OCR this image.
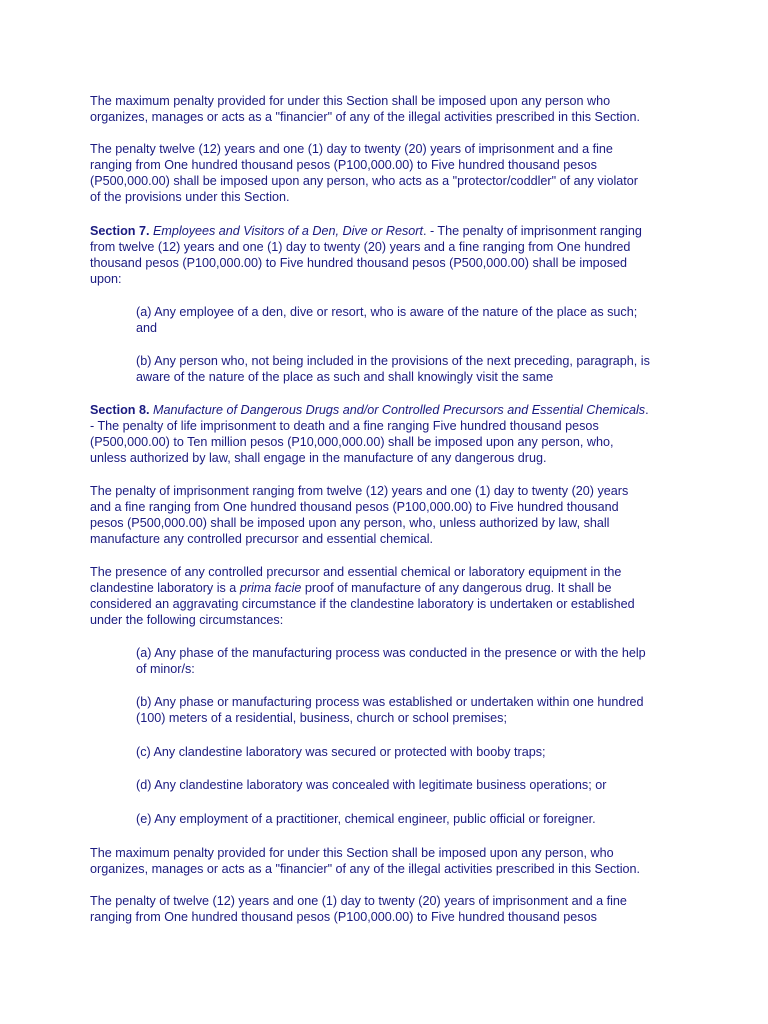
The maximum penalty provided for under this Section shall be imposed upon any person who
organizes, manages or acts as a "financier" of any of the illegal activities prescribed in this Section.

The penalty twelve (12) years and one (1) day to twenty (20) years of imprisonment and a fine
ranging from One hundred thousand pesos (P100,000.00) to Five hundred thousand pesos
(P500,000.00) shall be imposed upon any person, who acts as a "protector/coddler" of any violator
of the provisions under this Section.

Section 7. Employees and Visitors of a Den, Dive or Resort. - The penalty of imprisonment ranging
from twelve (12) years and one (1) day to twenty (20) years and a fine ranging from One hundred
thousand pesos (P100,000.00) to Five hundred thousand pesos (P500,000.00) shall be imposed
upon:

(a) Any employee of a den, dive or resort, who is aware of the nature of the place as such;
and

(b) Any person who, not being included in the provisions of the next preceding, paragraph, is
aware of the nature of the place as such and shall knowingly visit the same

Section 8. Manufacture of Dangerous Drugs and/or Controlled Precursors and Essential Chemicals.
- The penalty of life imprisonment to death and a fine ranging Five hundred thousand pesos
(P500,000.00) to Ten million pesos (P10,000,000.00) shall be imposed upon any person, who,
unless authorized by law, shall engage in the manufacture of any dangerous drug.

The penalty of imprisonment ranging from twelve (12) years and one (1) day to twenty (20) years
and a fine ranging from One hundred thousand pesos (P100,000.00) to Five hundred thousand
pesos (P500,000.00) shall be imposed upon any person, who, unless authorized by law, shall
manufacture any controlled precursor and essential chemical.

The presence of any controlled precursor and essential chemical or laboratory equipment in the
clandestine laboratory is a prima facie proof of manufacture of any dangerous drug. It shall be
considered an aggravating circumstance if the clandestine laboratory is undertaken or established
under the following circumstances:

(a) Any phase of the manufacturing process was conducted in the presence or with the help
of minor/s:

(b) Any phase or manufacturing process was established or undertaken within one hundred
(100) meters of a residential, business, church or school premises;

(c) Any clandestine laboratory was secured or protected with booby traps;

(d) Any clandestine laboratory was concealed with legitimate business operations; or

(e) Any employment of a practitioner, chemical engineer, public official or foreigner.

The maximum penalty provided for under this Section shall be imposed upon any person, who
organizes, manages or acts as a "financier" of any of the illegal activities prescribed in this Section.

The penalty of twelve (12) years and one (1) day to twenty (20) years of imprisonment and a fine
ranging from One hundred thousand pesos (P100,000.00) to Five hundred thousand pesos
